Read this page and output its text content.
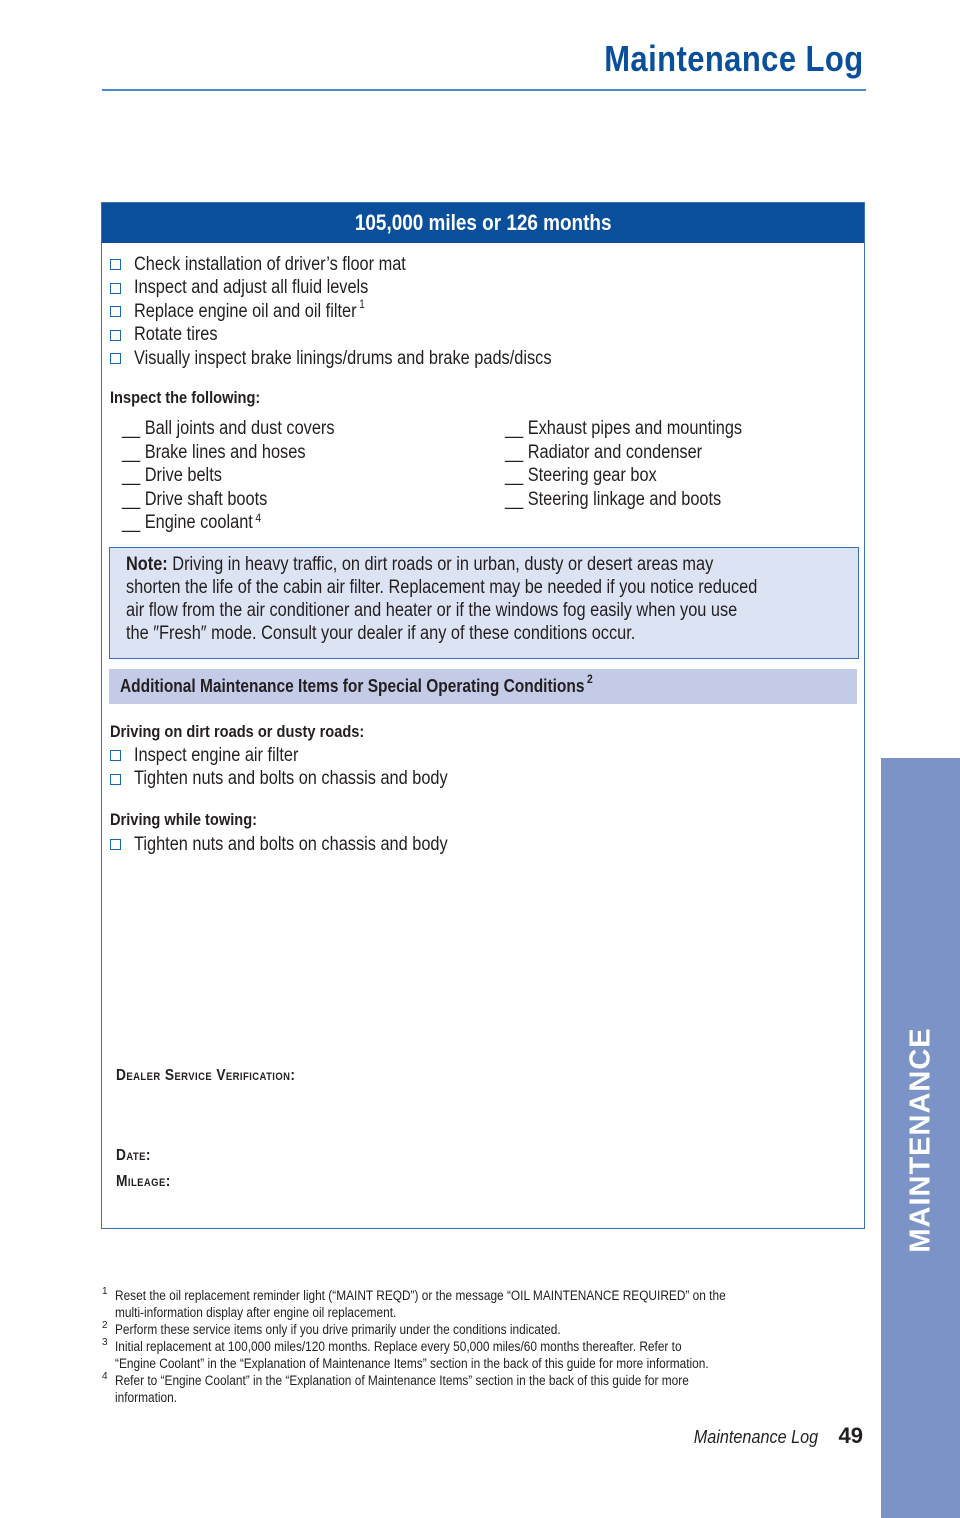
Maintenance Log
105,000 miles or 126 months
Check installation of driver’s floor mat
Inspect and adjust all fluid levels
Replace engine oil and oil filter $^1$
Rotate tires
Visually inspect brake linings/drums and brake pads/discs
Inspect the following:
__ Ball joints and dust covers
__ Brake lines and hoses
__ Drive belts
__ Drive shaft boots
__ Engine coolant $^4$
__ Exhaust pipes and mountings
__ Radiator and condenser
__ Steering gear box
__ Steering linkage and boots
Note: Driving in heavy traffic, on dirt roads or in urban, dusty or desert areas may
shorten the life of the cabin air filter. Replacement may be needed if you notice reduced
air flow from the air conditioner and heater or if the windows fog easily when you use
the ″Fresh″ mode. Consult your dealer if any of these conditions occur.
Additional Maintenance Items for Special Operating Conditions $^2$
Driving on dirt roads or dusty roads:
Inspect engine air filter
Tighten nuts and bolts on chassis and body
Driving while towing:
Tighten nuts and bolts on chassis and body
Dealer Service Verification:
Date:
Mileage:
1 Reset the oil replacement reminder light (“MAINT REQD”) or the message “OIL MAINTENANCE REQUIRED” on the
multi-information display after engine oil replacement.
2 Perform these service items only if you drive primarily under the conditions indicated.
3 Initial replacement at 100,000 miles/120 months. Replace every 50,000 miles/60 months thereafter. Refer to
“Engine Coolant” in the “Explanation of Maintenance Items” section in the back of this guide for more information.
4 Refer to “Engine Coolant” in the “Explanation of Maintenance Items” section in the back of this guide for more
information.
Maintenance Log 49
MAINTENANCE
